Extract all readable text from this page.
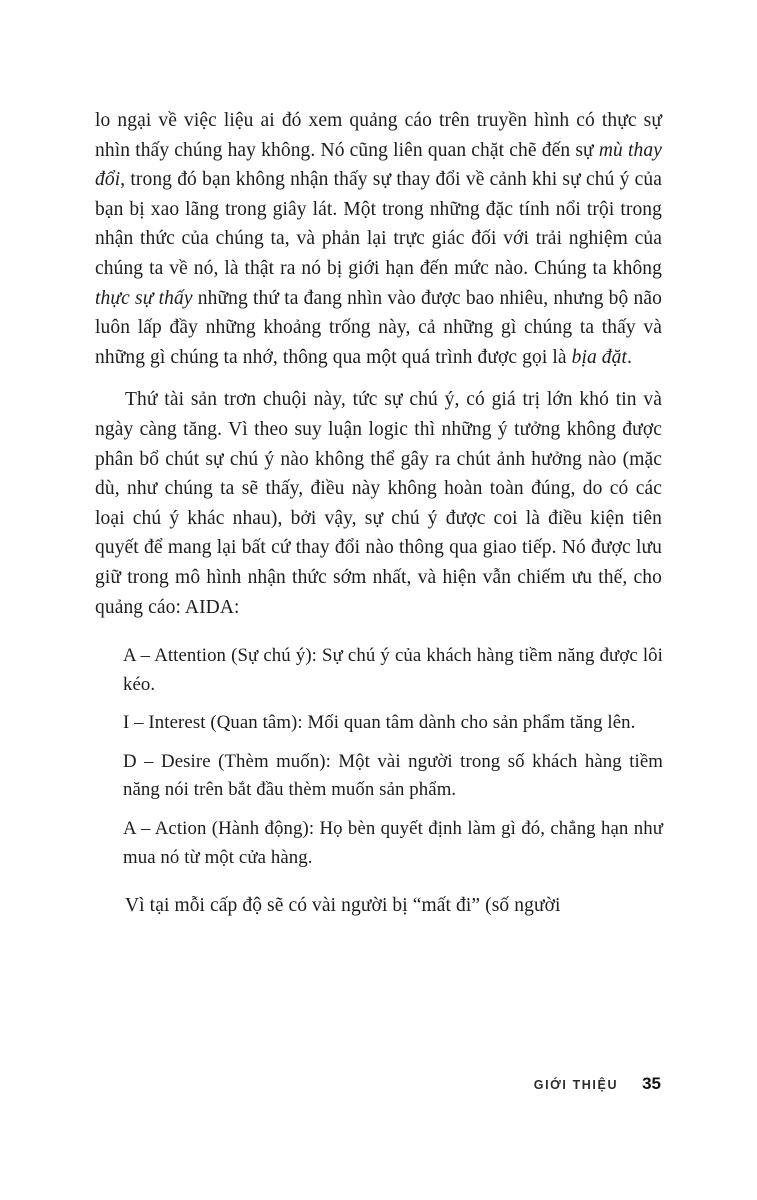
lo ngại về việc liệu ai đó xem quảng cáo trên truyền hình có thực sự nhìn thấy chúng hay không. Nó cũng liên quan chặt chẽ đến sự mù thay đổi, trong đó bạn không nhận thấy sự thay đổi về cảnh khi sự chú ý của bạn bị xao lãng trong giây lát. Một trong những đặc tính nổi trội trong nhận thức của chúng ta, và phản lại trực giác đối với trải nghiệm của chúng ta về nó, là thật ra nó bị giới hạn đến mức nào. Chúng ta không thực sự thấy những thứ ta đang nhìn vào được bao nhiêu, nhưng bộ não luôn lấp đầy những khoảng trống này, cả những gì chúng ta thấy và những gì chúng ta nhớ, thông qua một quá trình được gọi là bịa đặt.

Thứ tài sản trơn chuội này, tức sự chú ý, có giá trị lớn khó tin và ngày càng tăng. Vì theo suy luận logic thì những ý tưởng không được phân bổ chút sự chú ý nào không thể gây ra chút ảnh hưởng nào (mặc dù, như chúng ta sẽ thấy, điều này không hoàn toàn đúng, do có các loại chú ý khác nhau), bởi vậy, sự chú ý được coi là điều kiện tiên quyết để mang lại bất cứ thay đổi nào thông qua giao tiếp. Nó được lưu giữ trong mô hình nhận thức sớm nhất, và hiện vẫn chiếm ưu thế, cho quảng cáo: AIDA:

A – Attention (Sự chú ý): Sự chú ý của khách hàng tiềm năng được lôi kéo.

I – Interest (Quan tâm): Mối quan tâm dành cho sản phẩm tăng lên.

D – Desire (Thèm muốn): Một vài người trong số khách hàng tiềm năng nói trên bắt đầu thèm muốn sản phẩm.

A – Action (Hành động): Họ bèn quyết định làm gì đó, chẳng hạn như mua nó từ một cửa hàng.

Vì tại mỗi cấp độ sẽ có vài người bị “mất đi” (số người

GIỚI THIỆU 35
